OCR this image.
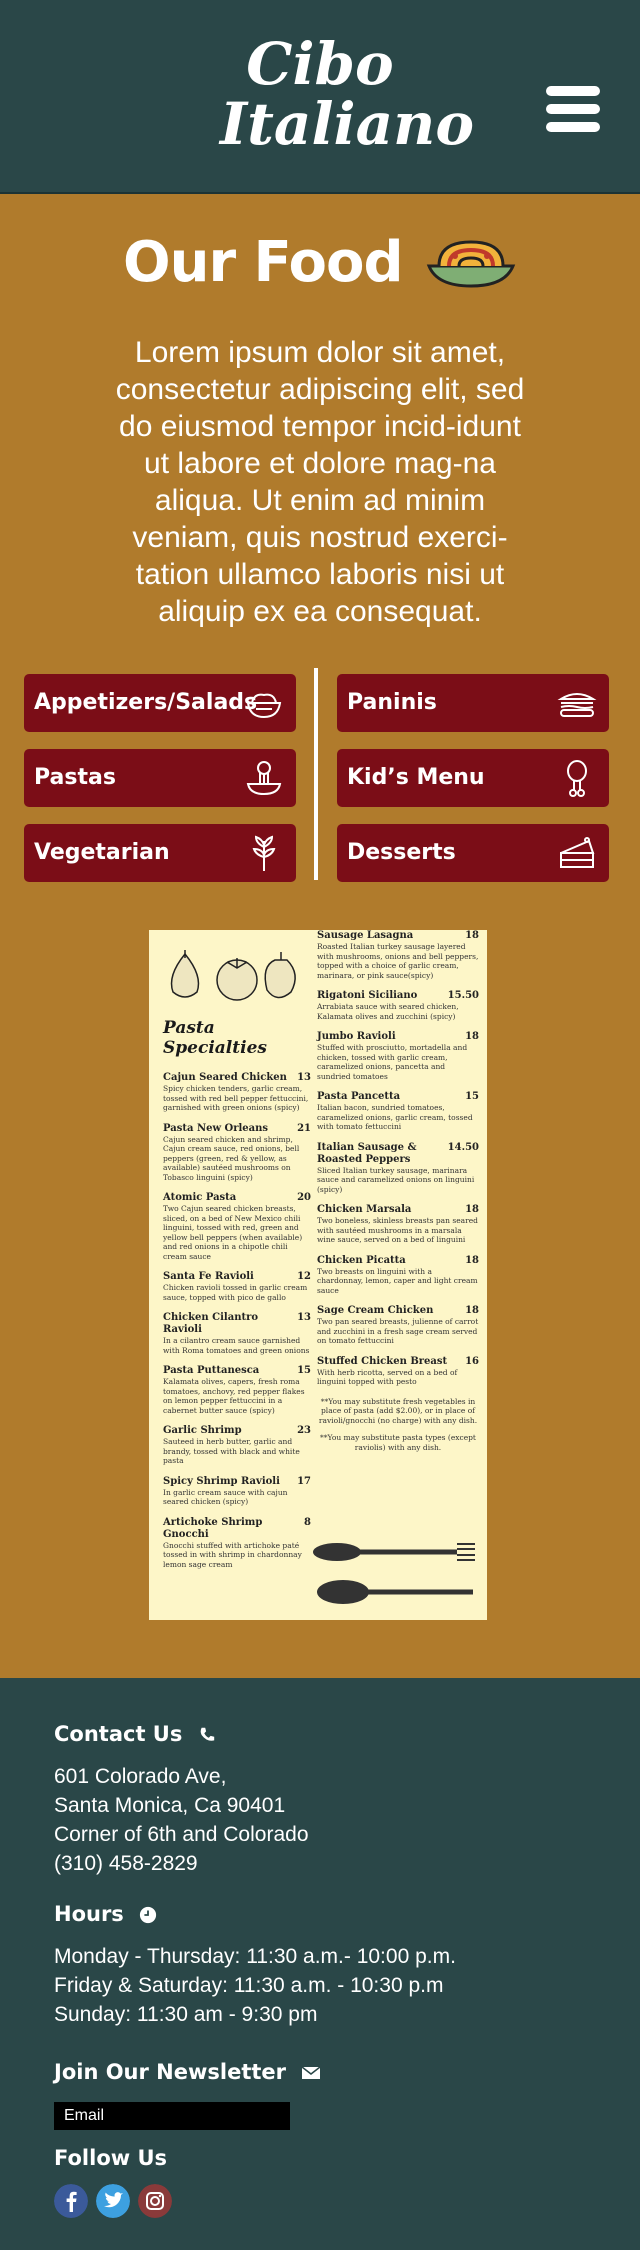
Cibo
Italiano
Our Food
Lorem ipsum dolor sit amet, consectetur adipiscing elit, sed do eiusmod tempor incid-idunt ut labore et dolore mag-na aliqua. Ut enim ad minim veniam, quis nostrud exerci-tation ullamco laboris nisi ut aliquip ex ea consequat.
Appetizers/Salads	Paninis
Pastas	Kid’s Menu
Vegetarian	Desserts
Pasta Specialties
Cajun Seared Chicken 13
Spicy chicken tenders, garlic cream, tossed with red bell pepper fettuccini, garnished with green onions (spicy)
Pasta New Orleans	21
Cajun seared chicken and shrimp, Cajun cream sauce, red onions, bell peppers (green, red & yellow, as available) sautéed mushrooms on Tobasco linguini (spicy)
Atomic Pasta	20
Two Cajun seared chicken breasts, sliced, on a bed of New Mexico chili linguini, tossed with red, green and yellow bell peppers (when available) and red onions in a chipotle chili cream sauce
Santa Fe Ravioli	12
Chicken ravioli tossed in garlic cream sauce, topped with pico de gallo
Chicken Cilantro Ravioli
13
In a cilantro cream sauce garnished with Roma tomatoes and green onions
Pasta Puttanesca	15
Kalamata olives, capers, fresh roma tomatoes, anchovy, red pepper flakes on lemon pepper fettuccini in a cabernet butter sauce (spicy)
Garlic Shrimp	23
Sauteed in herb butter, garlic and brandy, tossed with black and white pasta
Spicy Shrimp Ravioli 17
In garlic cream sauce with cajun seared chicken (spicy)
Artichoke Shrimp Gnocchi
8
Gnocchi stuffed with artichoke paté tossed in with shrimp in chardonnay lemon sage cream
Sausage Lasagna	18
Roasted Italian turkey sausage layered with mushrooms, onions and bell peppers, topped with a choice of garlic cream, marinara, or pink sauce(spicy)
Rigatoni Siciliano	15.50
Arrabiata sauce with seared chicken, Kalamata olives and zucchini (spicy)
Jumbo Ravioli	18
Stuffed with prosciutto, mortadella and chicken, tossed with garlic cream, caramelized onions, pancetta and sundried tomatoes
Pasta Pancetta	15
Italian bacon, sundried tomatoes, caramelized onions, garlic cream, tossed with tomato fettuccini
Italian Sausage & Roasted Peppers
14.50
Sliced Italian turkey sausage, marinara sauce and caramelized onions on linguini (spicy)
Chicken Marsala	18
Two boneless, skinless breasts pan seared with sautéed mushrooms in a marsala wine sauce, served on a bed of linguini
Chicken Picatta	18
Two breasts on linguini with a chardonnay, lemon, caper and light cream sauce
Sage Cream Chicken	18
Two pan seared breasts, julienne of carrot and zucchini in a fresh sage cream served on tomato fettuccini
Stuffed Chicken Breast 16
With herb ricotta, served on a bed of linguini topped with pesto
**You may substitute fresh vegetables in place of pasta (add $2.00), or in place of ravioli/gnocchi (no charge) with any dish.
**You may substitute pasta types (except raviolis) with any dish.
Contact Us
601 Colorado Ave,
Santa Monica, Ca 90401
Corner of 6th and Colorado
(310) 458-2829
Hours
Monday - Thursday: 11:30 a.m.- 10:00 p.m.
Friday & Saturday: 11:30 a.m. - 10:30 p.m
Sunday: 11:30 am - 9:30 pm
Join Our Newsletter
Email
Follow Us
